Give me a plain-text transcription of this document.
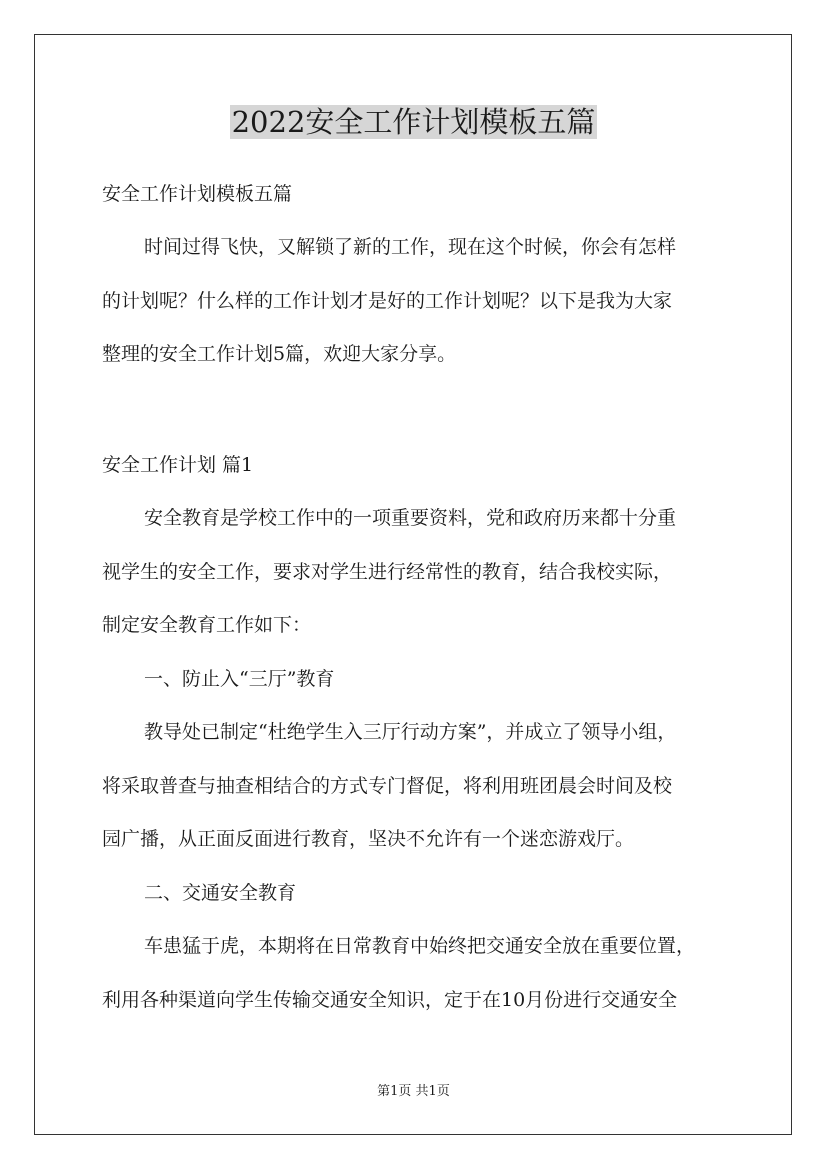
2022安全工作计划模板五篇

安全工作计划模板五篇

时间过得飞快，又解锁了新的工作，现在这个时候，你会有怎样

的计划呢？什么样的工作计划才是好的工作计划呢？以下是我为大家

整理的安全工作计划5篇，欢迎大家分享。

安全工作计划 篇1

安全教育是学校工作中的一项重要资料，党和政府历来都十分重

视学生的安全工作，要求对学生进行经常性的教育，结合我校实际，

制定安全教育工作如下：

一、防止入“三厅”教育

教导处已制定“杜绝学生入三厅行动方案”，并成立了领导小组，

将采取普查与抽查相结合的方式专门督促，将利用班团晨会时间及校

园广播，从正面反面进行教育，坚决不允许有一个迷恋游戏厅。

二、交通安全教育

车患猛于虎，本期将在日常教育中始终把交通安全放在重要位置，

利用各种渠道向学生传输交通安全知识，定于在10月份进行交通安全

第1页 共1页
